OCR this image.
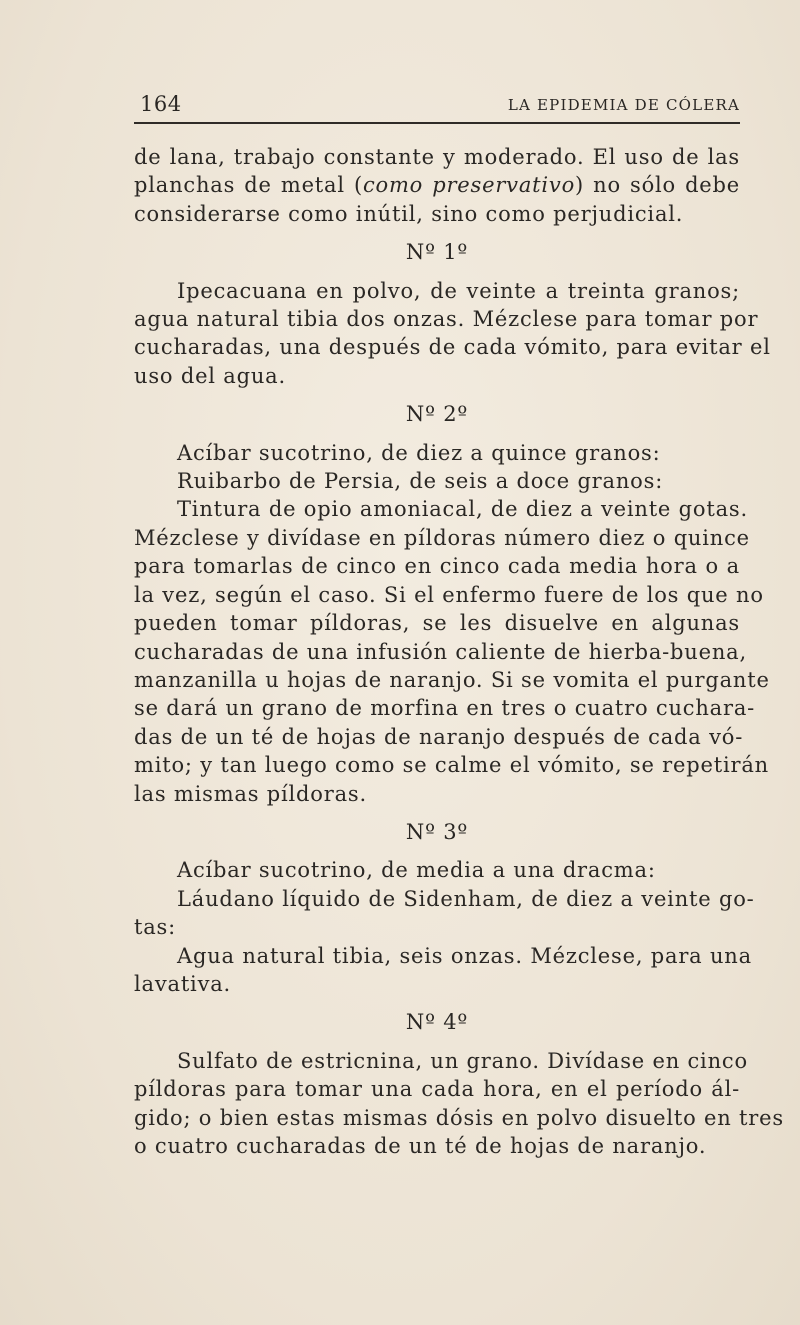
164	LA EPIDEMIA DE CÓLERA
de lana, trabajo constante y moderado. El uso de las
planchas de metal (como preservativo) no sólo debe
considerarse como inútil, sino como perjudicial.
Nº 1º
Ipecacuana en polvo, de veinte a treinta granos;
agua natural tibia dos onzas. Mézclese para tomar por
cucharadas, una después de cada vómito, para evitar el
uso del agua.
Nº 2º
Acíbar sucotrino, de diez a quince granos:
Ruibarbo de Persia, de seis a doce granos:
Tintura de opio amoniacal, de diez a veinte gotas.
Mézclese y divídase en píldoras número diez o quince
para tomarlas de cinco en cinco cada media hora o a
la vez, según el caso. Si el enfermo fuere de los que no
pueden tomar píldoras, se les disuelve en algunas
cucharadas de una infusión caliente de hierba-buena,
manzanilla u hojas de naranjo. Si se vomita el purgante
se dará un grano de morfina en tres o cuatro cuchara-
das de un té de hojas de naranjo después de cada vó-
mito; y tan luego como se calme el vómito, se repetirán
las mismas píldoras.
Nº 3º
Acíbar sucotrino, de media a una dracma:
Láudano líquido de Sidenham, de diez a veinte go-
tas:
Agua natural tibia, seis onzas. Mézclese, para una
lavativa.
Nº 4º
Sulfato de estricnina, un grano. Divídase en cinco
píldoras para tomar una cada hora, en el período ál-
gido; o bien estas mismas dósis en polvo disuelto en tres
o cuatro cucharadas de un té de hojas de naranjo.
